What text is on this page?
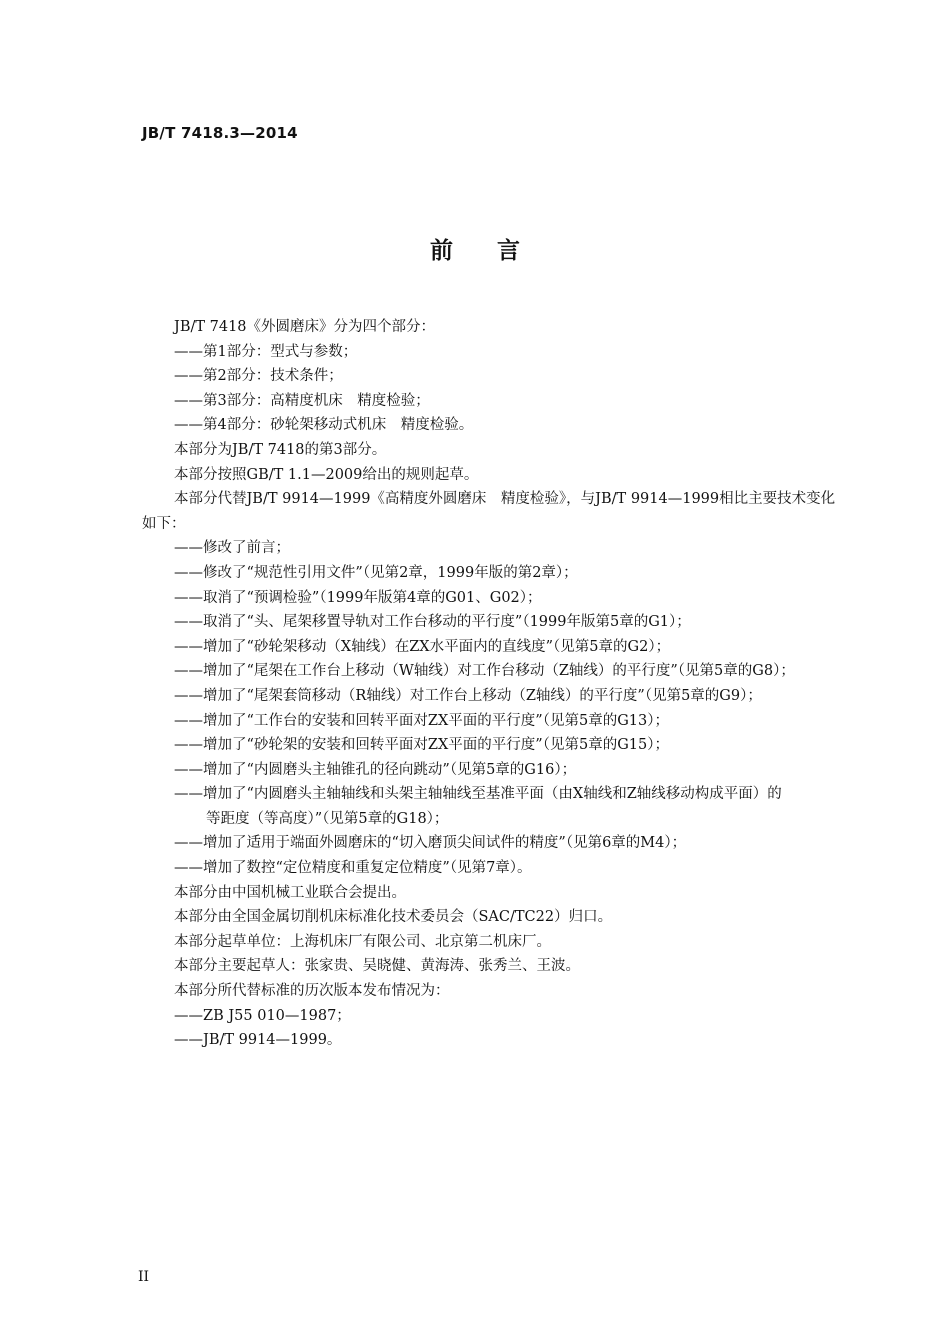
JB/T 7418.3—2014
前言
JB/T 7418《外圆磨床》分为四个部分：
——第1部分：型式与参数；
——第2部分：技术条件；
——第3部分：高精度机床　精度检验；
——第4部分：砂轮架移动式机床　精度检验。
本部分为JB/T 7418的第3部分。
本部分按照GB/T 1.1—2009给出的规则起草。
本部分代替JB/T 9914—1999《高精度外圆磨床　精度检验》，与JB/T 9914—1999相比主要技术变化
如下：
——修改了前言；
——修改了“规范性引用文件”（见第2章，1999年版的第2章）；
——取消了“预调检验”（1999年版第4章的G01、G02）；
——取消了“头、尾架移置导轨对工作台移动的平行度”（1999年版第5章的G1）；
——增加了“砂轮架移动（X轴线）在ZX水平面内的直线度”（见第5章的G2）；
——增加了“尾架在工作台上移动（W轴线）对工作台移动（Z轴线）的平行度”（见第5章的G8）；
——增加了“尾架套筒移动（R轴线）对工作台上移动（Z轴线）的平行度”（见第5章的G9）；
——增加了“工作台的安装和回转平面对ZX平面的平行度”（见第5章的G13）；
——增加了“砂轮架的安装和回转平面对ZX平面的平行度”（见第5章的G15）；
——增加了“内圆磨头主轴锥孔的径向跳动”（见第5章的G16）；
——增加了“内圆磨头主轴轴线和头架主轴轴线至基准平面（由X轴线和Z轴线移动构成平面）的
等距度（等高度）”（见第5章的G18）；
——增加了适用于端面外圆磨床的“切入磨顶尖间试件的精度”（见第6章的M4）；
——增加了数控“定位精度和重复定位精度”（见第7章）。
本部分由中国机械工业联合会提出。
本部分由全国金属切削机床标准化技术委员会（SAC/TC22）归口。
本部分起草单位：上海机床厂有限公司、北京第二机床厂。
本部分主要起草人：张家贵、吴晓健、黄海涛、张秀兰、王波。
本部分所代替标准的历次版本发布情况为：
——ZB J55 010—1987；
——JB/T 9914—1999。
II
